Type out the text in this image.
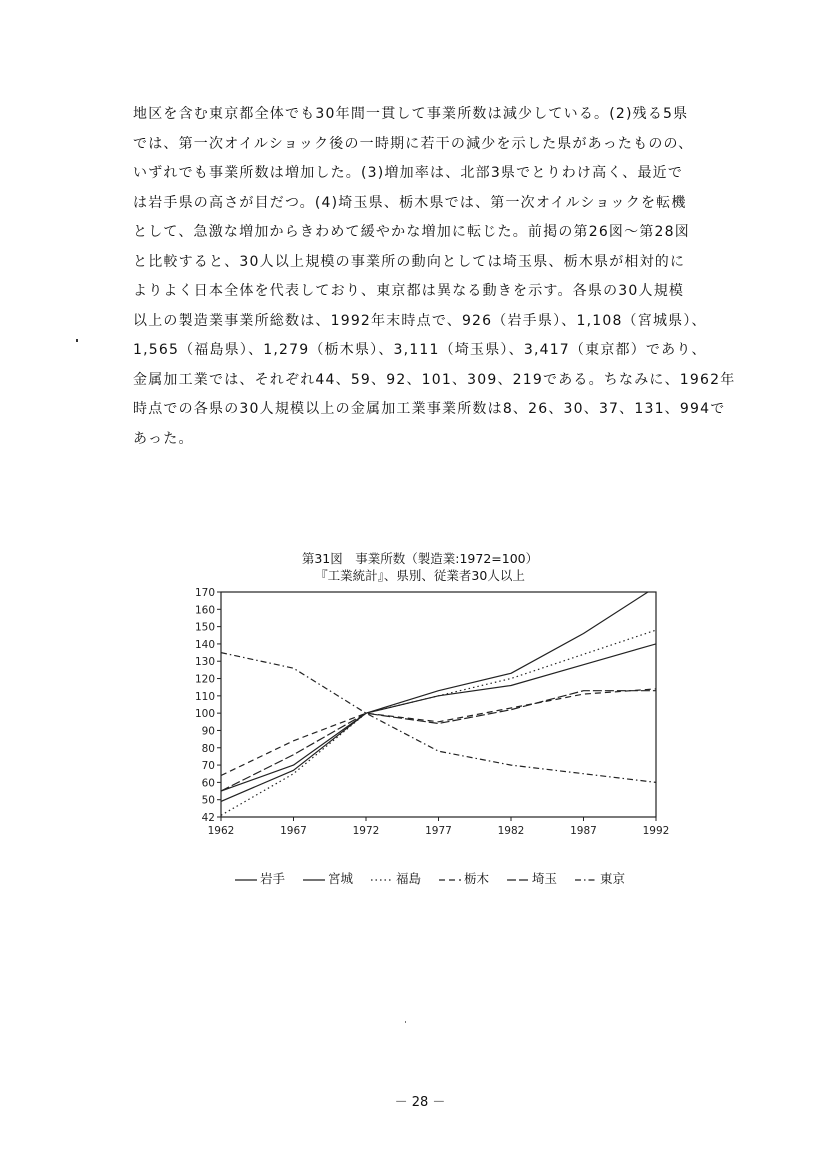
地区を含む東京都全体でも30年間一貫して事業所数は減少している。(2)残る5県
では、第一次オイルショック後の一時期に若干の減少を示した県があったものの、
いずれでも事業所数は増加した。(3)増加率は、北部3県でとりわけ高く、最近で
は岩手県の高さが目だつ。(4)埼玉県、栃木県では、第一次オイルショックを転機
として、急激な増加からきわめて緩やかな増加に転じた。前掲の第26図〜第28図
と比較すると、30人以上規模の事業所の動向としては埼玉県、栃木県が相対的に
よりよく日本全体を代表しており、東京都は異なる動きを示す。各県の30人規模
以上の製造業事業所総数は、1992年末時点で、926（岩手県）、1,108（宮城県）、
1,565（福島県）、1,279（栃木県）、3,111（埼玉県）、3,417（東京都）であり、
金属加工業では、それぞれ44、59、92、101、309、219である。ちなみに、1962年
時点での各県の30人規模以上の金属加工業事業所数は8、26、30、37、131、994で
あった。
第31図　事業所数（製造業:1972=100）
『工業統計』、県別、従業者30人以上
42
50
60
70
80
90
100
110
120
130
140
150
160
170
1962	1967	1972	1977	1982	1987	1992
岩手	宮城	福島	栃木	埼玉	東京
－ 28 －
